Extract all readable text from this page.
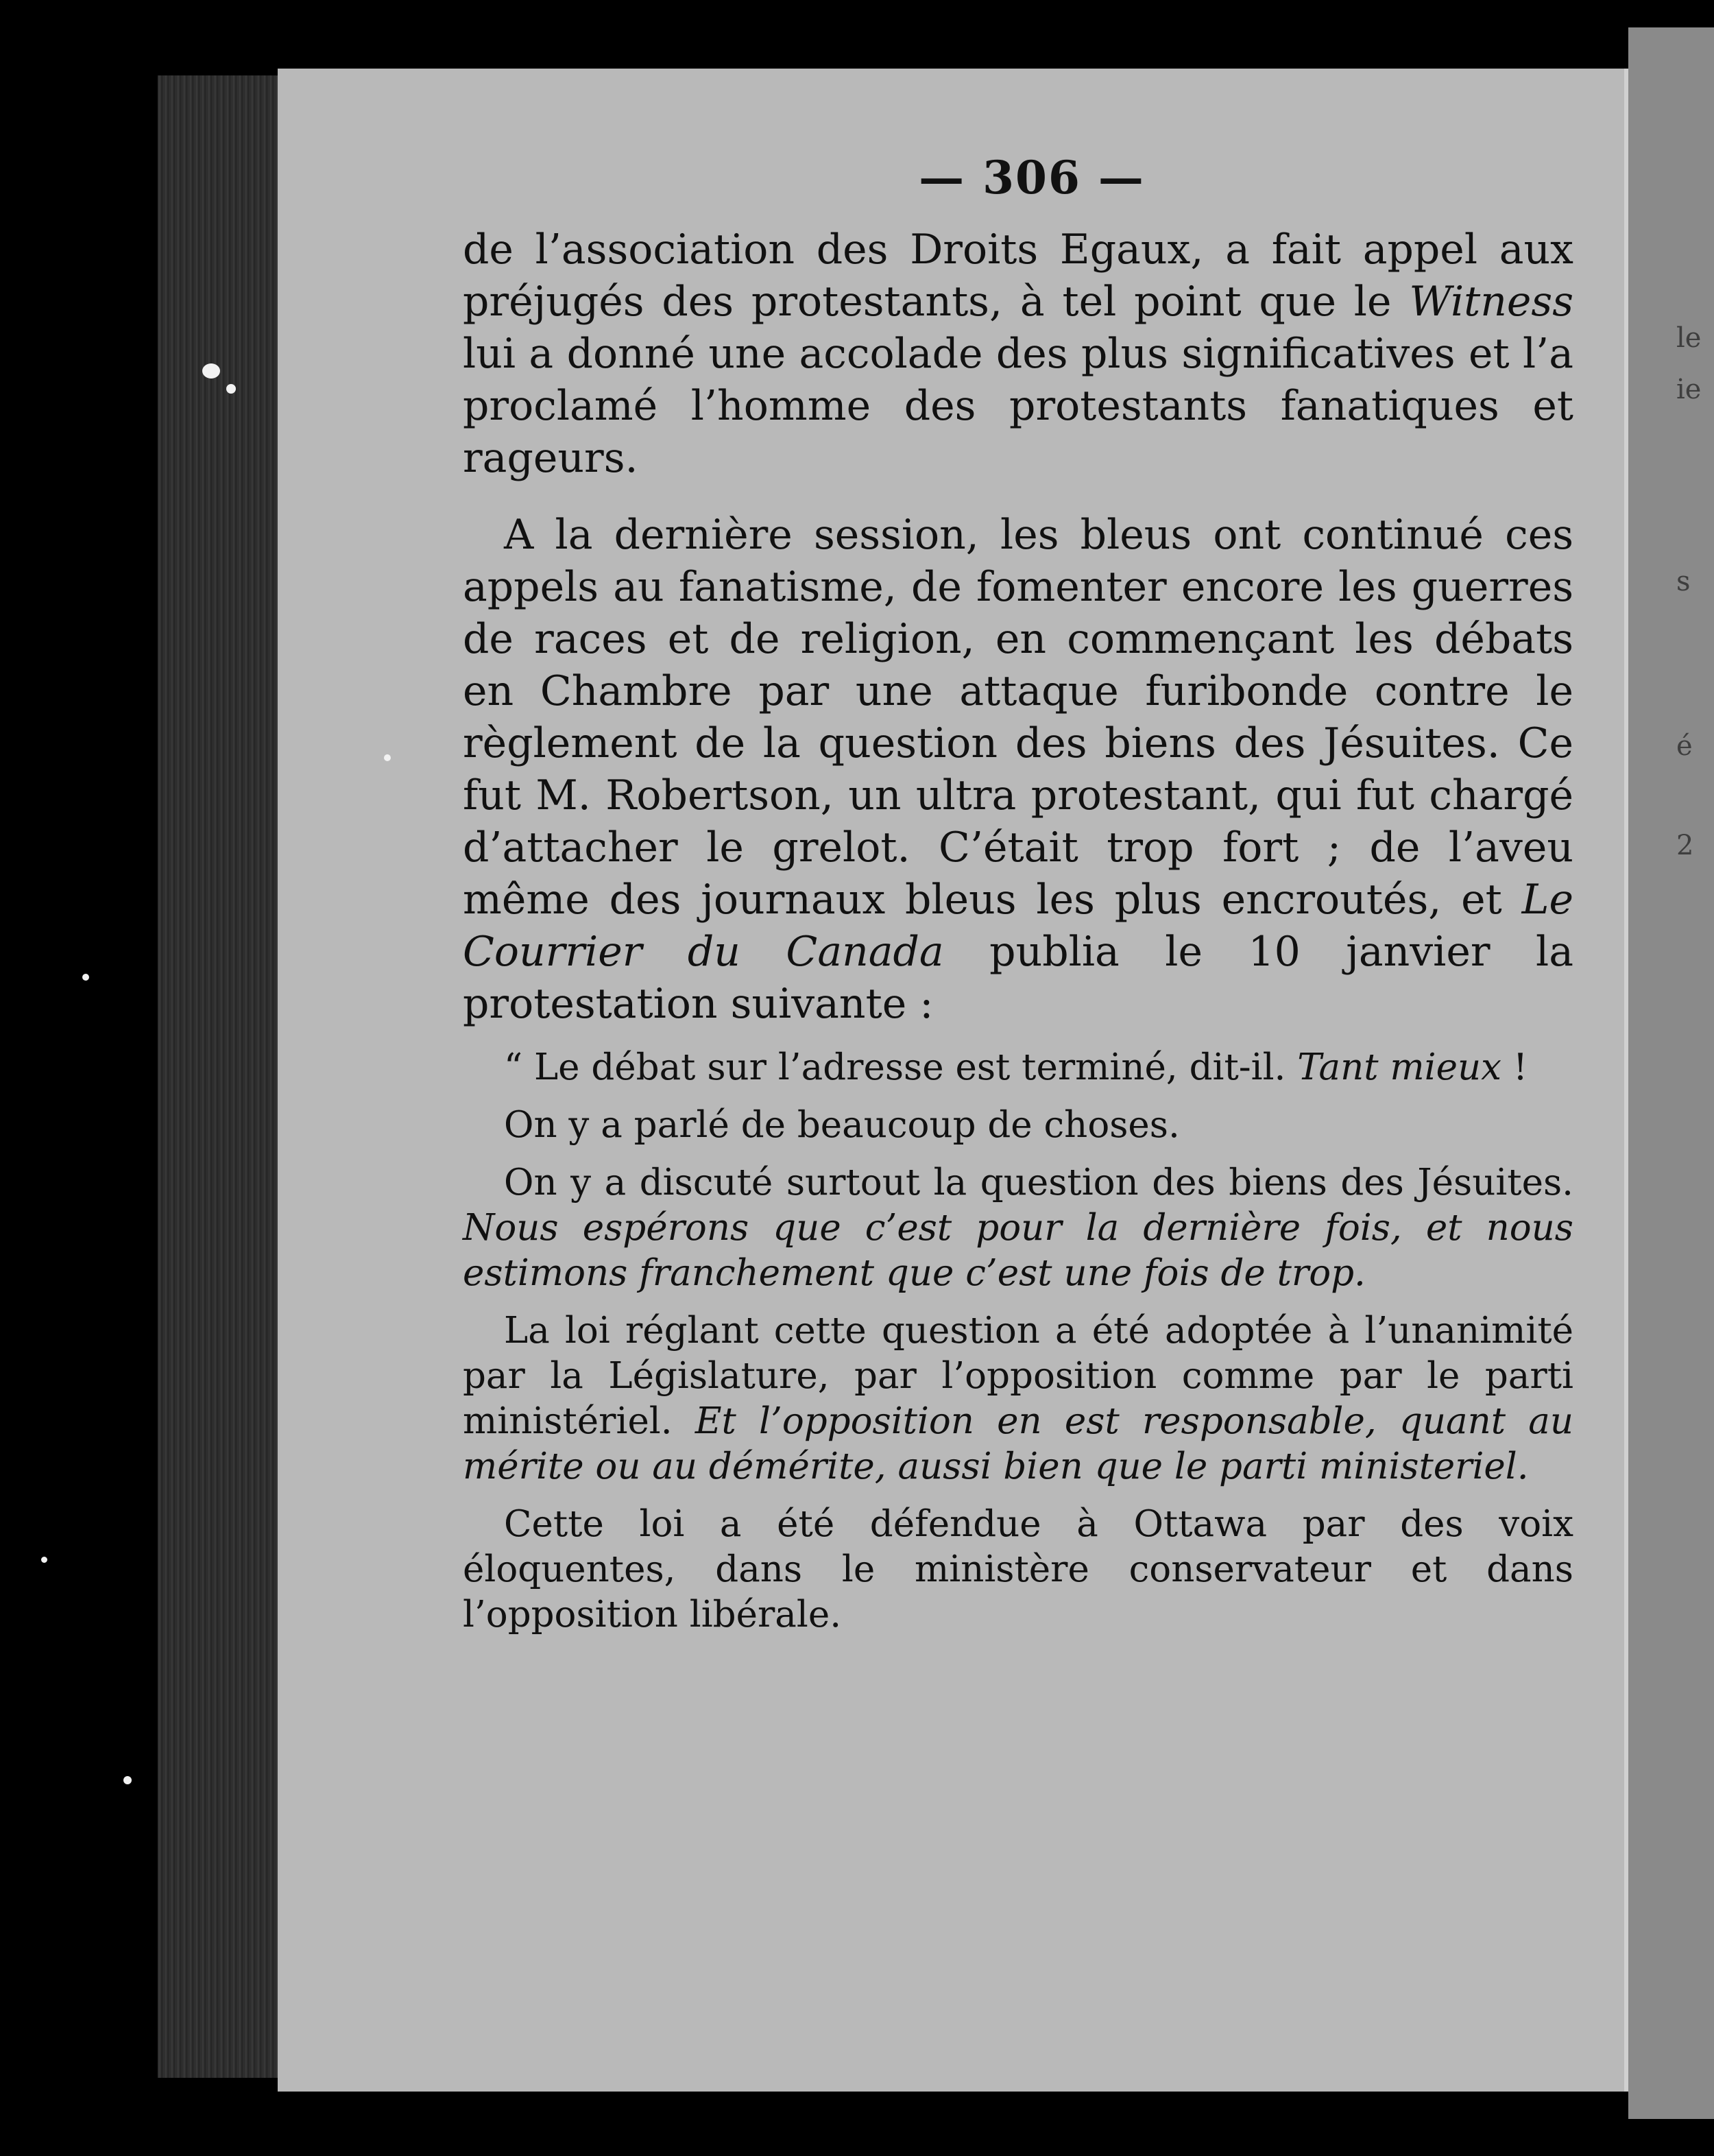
le
ie
s
é
2
— 306 —

de l’association des Droits Egaux, a fait appel aux préjugés des protestants, à tel point que le Witness lui a donné une accolade des plus significatives et l’a proclamé l’homme des protestants fanatiques et rageurs.

A la dernière session, les bleus ont continué ces appels au fanatisme, de fomenter encore les guerres de races et de religion, en commençant les débats en Chambre par une attaque furibonde contre le règlement de la question des biens des Jésuites. Ce fut M. Robertson, un ultra protestant, qui fut chargé d’attacher le grelot. C’était trop fort ; de l’aveu même des journaux bleus les plus encroutés, et Le Courrier du Canada publia le 10 janvier la protestation suivante :

“ Le débat sur l’adresse est terminé, dit-il. Tant mieux !

On y a parlé de beaucoup de choses.

On y a discuté surtout la question des biens des Jésuites. Nous espérons que c’est pour la dernière fois, et nous estimons franchement que c’est une fois de trop.

La loi réglant cette question a été adoptée à l’unanimité par la Législature, par l’opposition comme par le parti ministériel. Et l’opposition en est responsable, quant au mérite ou au démérite, aussi bien que le parti ministeriel.

Cette loi a été défendue à Ottawa par des voix éloquentes, dans le ministère conservateur et dans l’opposition libérale.
